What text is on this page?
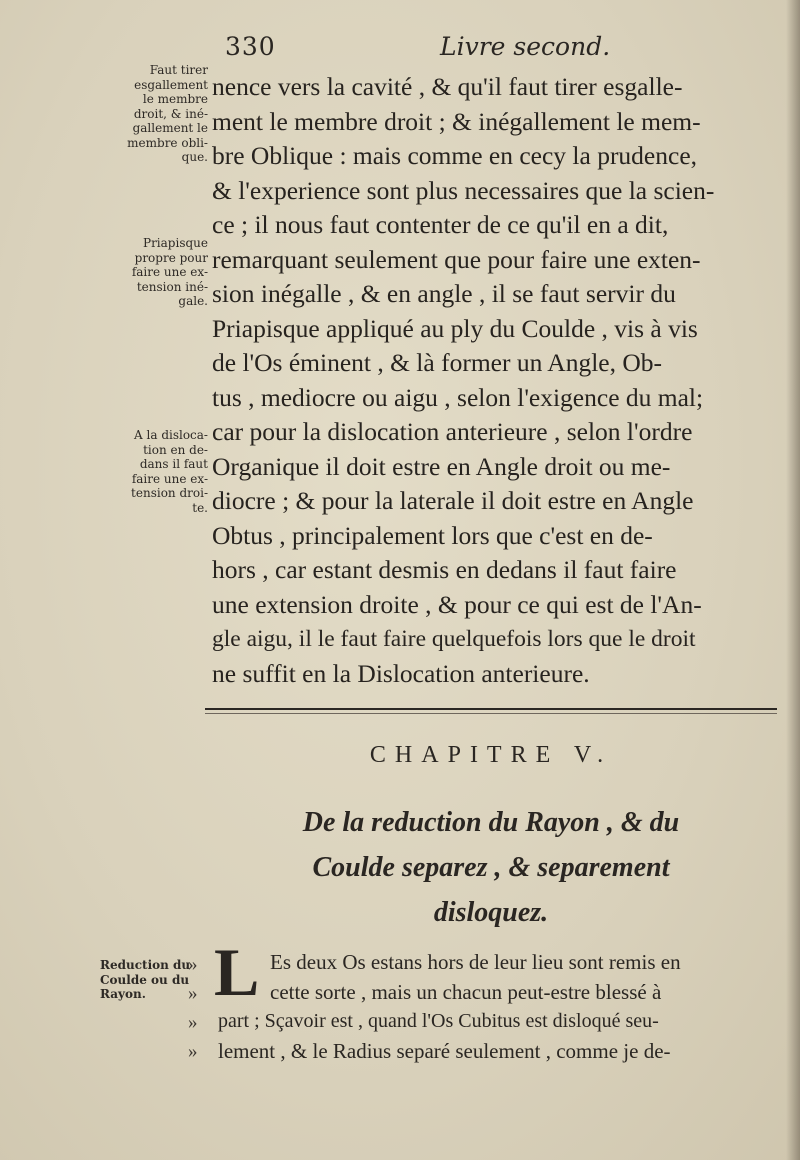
330	Livre second.
Faut tirer
esgallement
le membre
droit, & iné-
gallement le
membre obli-
que.
Priapisque
propre pour
faire une ex-
tension iné-
gale.
A la disloca-
tion en de-
dans il faut
faire une ex-
tension droi-
te.
Reduction du
Coulde ou du
Rayon.
nence vers la cavité , & qu'il faut tirer esgalle-
ment le membre droit ; & inégallement le mem-
bre Oblique : mais comme en cecy la prudence,
& l'experience sont plus necessaires que la scien-
ce ; il nous faut contenter de ce qu'il en a dit,
remarquant seulement que pour faire une exten-
sion inégalle , & en angle , il se faut servir du
Priapisque appliqué au ply du Coulde , vis à vis
de l'Os éminent , & là former un Angle, Ob-
tus , mediocre ou aigu , selon l'exigence du mal;
car pour la dislocation anterieure , selon l'ordre
Organique il doit estre en Angle droit ou me-
diocre ; & pour la laterale il doit estre en Angle
Obtus , principalement lors que c'est en de-
hors , car estant desmis en dedans il faut faire
une extension droite , & pour ce qui est de l'An-
gle aigu, il le faut faire quelquefois lors que le droit
ne suffit en la Dislocation anterieure.
CHAPITRE V.
De la reduction du Rayon , & du
Coulde separez , & separement
disloquez.
»
»
»
»
L Es deux Os estans hors de leur lieu sont remis en
cette sorte , mais un chacun peut-estre blessé à
part ; Sçavoir est , quand l'Os Cubitus est disloqué seu-
lement , & le Radius separé seulement , comme je de-
